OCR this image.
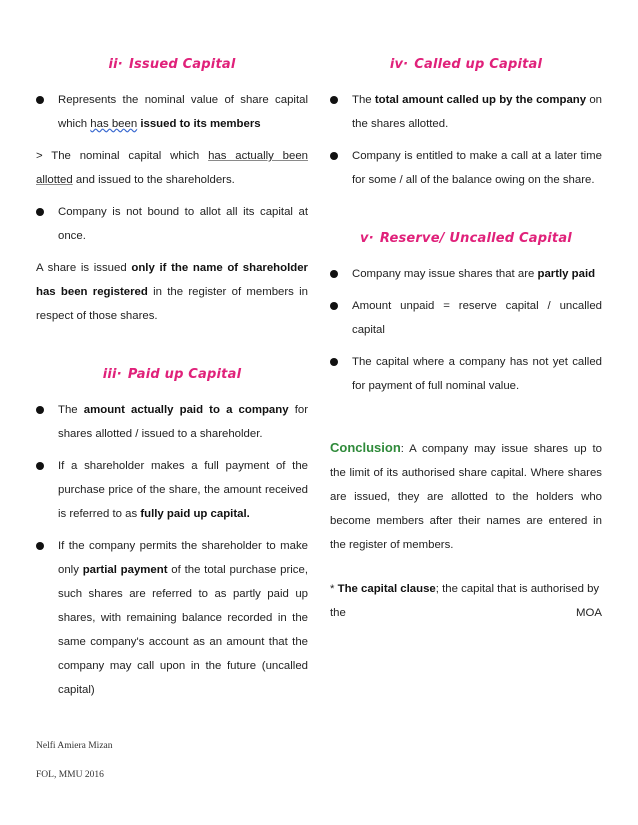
ii· Issued Capital
Represents the nominal value of share capital which has been issued to its members
> The nominal capital which has actually been allotted and issued to the shareholders.
Company is not bound to allot all its capital at once.
A share is issued only if the name of shareholder has been registered in the register of members in respect of those shares.
iii· Paid up Capital
The amount actually paid to a company for shares allotted / issued to a shareholder.
If a shareholder makes a full payment of the purchase price of the share, the amount received is referred to as fully paid up capital.
If the company permits the shareholder to make only partial payment of the total purchase price, such shares are referred to as partly paid up shares, with remaining balance recorded in the same company's account as an amount that the company may call upon in the future (uncalled capital)
iv· Called up Capital
The total amount called up by the company on the shares allotted.
Company is entitled to make a call at a later time for some / all of the balance owing on the share.
v· Reserve/ Uncalled Capital
Company may issue shares that are partly paid
Amount unpaid = reserve capital / uncalled capital
The capital where a company has not yet called for payment of full nominal value.
Conclusion: A company may issue shares up to the limit of its authorised share capital. Where shares are issued, they are allotted to the holders who become members after their names are entered in the register of members.
* The capital clause; the capital that is authorised by
the	MOA
Nelfi Amiera Mizan
FOL, MMU 2016
